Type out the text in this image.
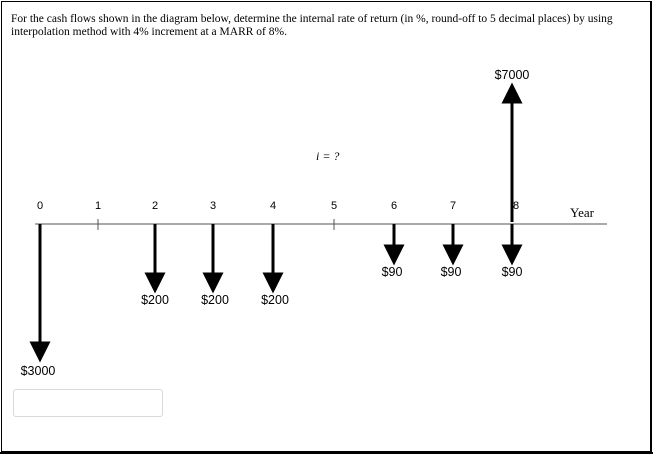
For the cash flows shown in the diagram below, determine the internal rate of return (in %, round-off to 5 decimal places) by using interpolation method with 4% increment at a MARR of 8%.
0	1	2	3	4	5	6	7	8
i = ?
Year
$3000
$200	$200	$200
$90	$90	$90
$7000
